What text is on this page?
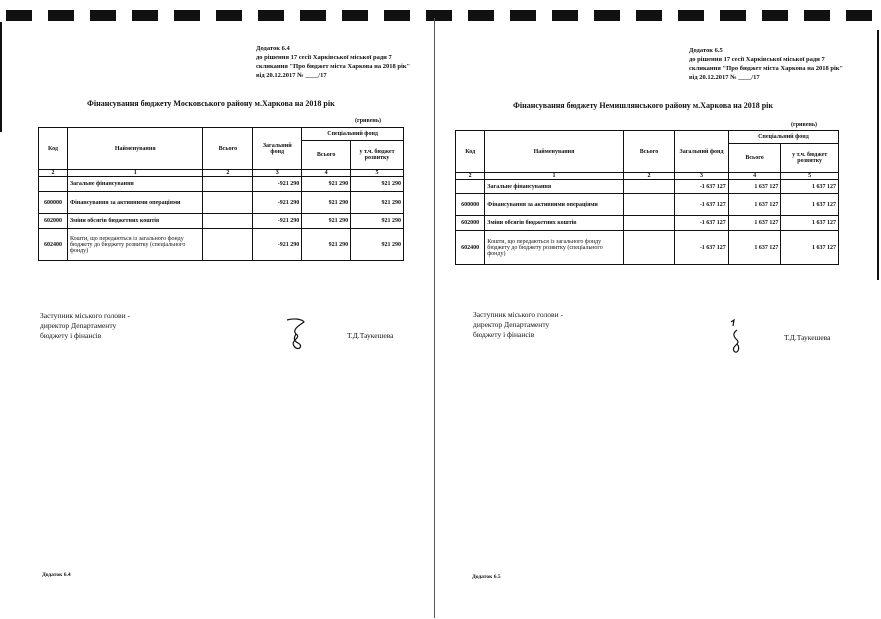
Додаток 6.4
до рішення 17 сесії Харківської міської ради 7
скликання "Про бюджет міста Харкова на 2018 рік"
від 20.12.2017 № ____/17
Фінансування бюджету Московського району м.Харкова на 2018 рік
(гривень)
Код	Найменування	Всього	Загальний фонд	Спеціальний фонд	
				Всього	у т.ч. бюджет розвитку
2	1	2	3	4	5
	Загальне фінансування		-921 290	921 290	921 290
600000	Фінансування за активними операціями		-921 290	921 290	921 290
602000	Зміни обсягів бюджетних коштів		-921 290	921 290	921 290
602400	Кошти, що передаються із загального фонду бюджету до бюджету розвитку (спеціального фонду)		-921 290	921 290	921 290
Заступник міського голови -
директор Департаменту
бюджету і фінансів	Т.Д.Таукешева
Додаток 6.4
Додаток 6.5
до рішення 17 сесії Харківської міської ради 7
скликання "Про бюджет міста Харкова на 2018 рік"
від 20.12.2017 № ____/17
Фінансування бюджету Немишлянського району м.Харкова на 2018 рік
(гривень)
Код	Найменування	Всього	Загальний фонд	Спеціальний фонд	
				Всього	у т.ч. бюджет розвитку
2	1	2	3	4	5
	Загальне фінансування		-1 637 127	1 637 127	1 637 127
600000	Фінансування за активними операціями		-1 637 127	1 637 127	1 637 127
602000	Зміни обсягів бюджетних коштів		-1 637 127	1 637 127	1 637 127
602400	Кошти, що передаються із загального фонду бюджету до бюджету розвитку (спеціального фонду)		-1 637 127	1 637 127	1 637 127
Заступник міського голови -
директор Департаменту
бюджету і фінансів	Т.Д.Таукешева
Додаток 6.5
